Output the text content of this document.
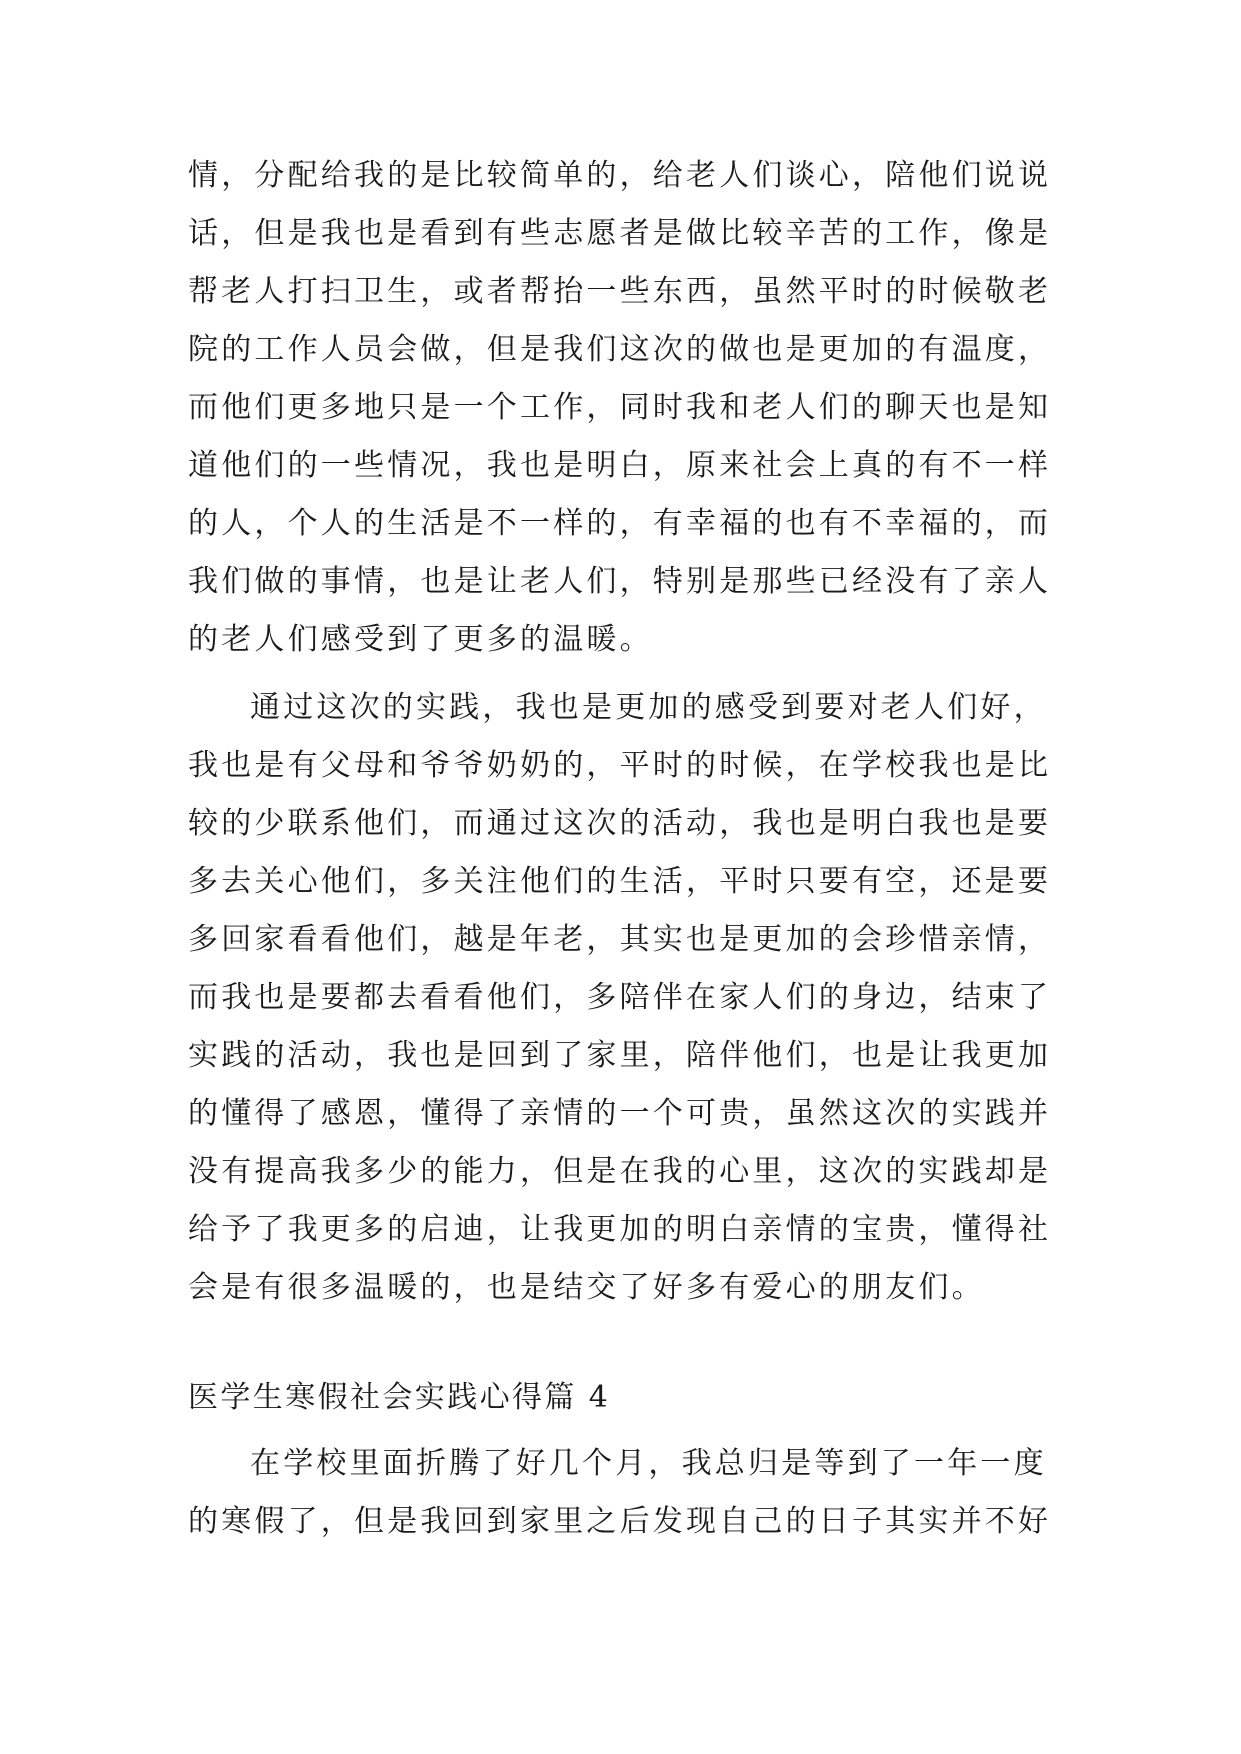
情，分配给我的是比较简单的，给老人们谈心，陪他们说说
话，但是我也是看到有些志愿者是做比较辛苦的工作，像是
帮老人打扫卫生，或者帮抬一些东西，虽然平时的时候敬老
院的工作人员会做，但是我们这次的做也是更加的有温度，
而他们更多地只是一个工作，同时我和老人们的聊天也是知
道他们的一些情况，我也是明白，原来社会上真的有不一样
的人，个人的生活是不一样的，有幸福的也有不幸福的，而
我们做的事情，也是让老人们，特别是那些已经没有了亲人
的老人们感受到了更多的温暖。
通过这次的实践，我也是更加的感受到要对老人们好，
我也是有父母和爷爷奶奶的，平时的时候，在学校我也是比
较的少联系他们，而通过这次的活动，我也是明白我也是要
多去关心他们，多关注他们的生活，平时只要有空，还是要
多回家看看他们，越是年老，其实也是更加的会珍惜亲情，
而我也是要都去看看他们，多陪伴在家人们的身边，结束了
实践的活动，我也是回到了家里，陪伴他们，也是让我更加
的懂得了感恩，懂得了亲情的一个可贵，虽然这次的实践并
没有提高我多少的能力，但是在我的心里，这次的实践却是
给予了我更多的启迪，让我更加的明白亲情的宝贵，懂得社
会是有很多温暖的，也是结交了好多有爱心的朋友们。
医学生寒假社会实践心得篇 4
在学校里面折腾了好几个月，我总归是等到了一年一度
的寒假了，但是我回到家里之后发现自己的日子其实并不好
